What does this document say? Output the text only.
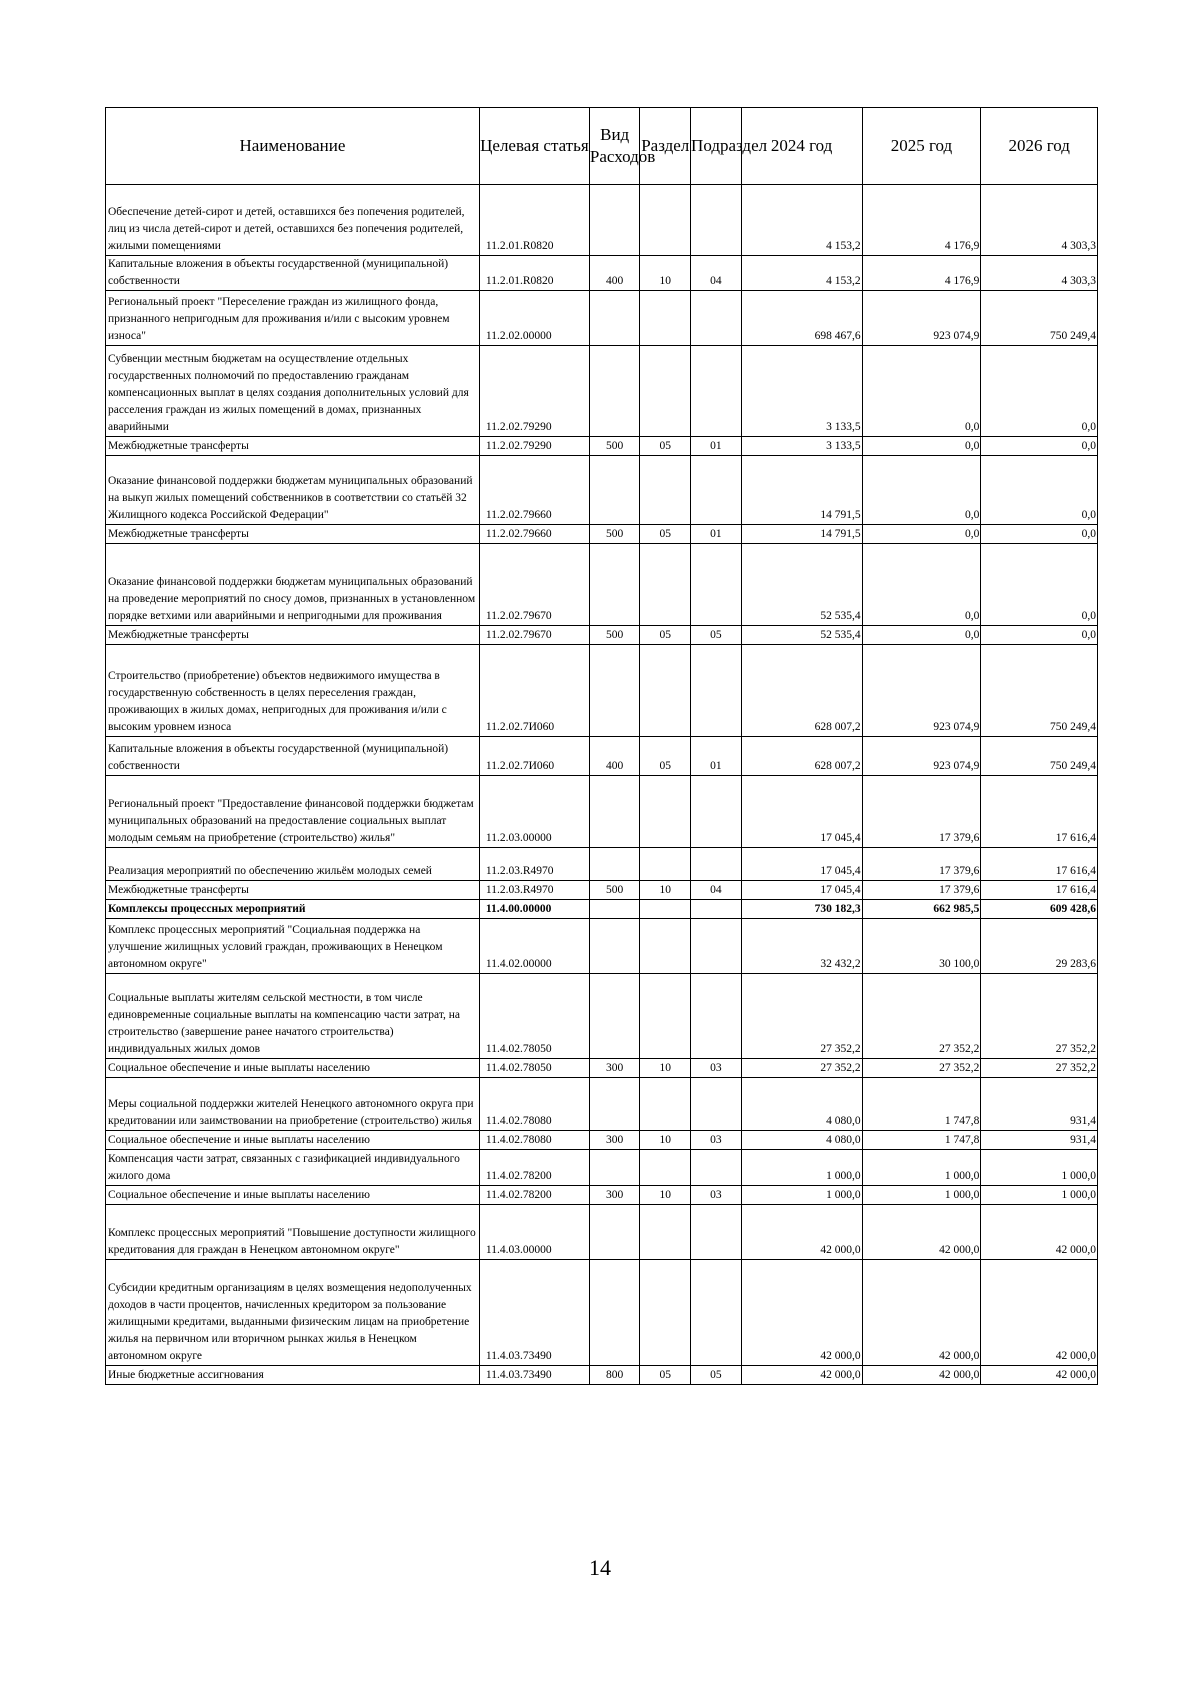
Наименование	Целевая статья	Вид Расходов	Раздел	Подраздел	2024 год	2025 год	2026 год
Обеспечение детей-сирот и детей, оставшихся без попечения родителей, лиц из числа детей-сирот и детей, оставшихся без попечения родителей, жилыми помещениями	11.2.01.R0820				4 153,2	4 176,9	4 303,3
Капитальные вложения в объекты государственной (муниципальной) собственности	11.2.01.R0820	400	10	04	4 153,2	4 176,9	4 303,3
Региональный проект "Переселение граждан из жилищного фонда, признанного непригодным для проживания и/или с высоким уровнем износа"	11.2.02.00000				698 467,6	923 074,9	750 249,4
Субвенции местным бюджетам на осуществление отдельных государственных полномочий по предоставлению гражданам компенсационных выплат в целях создания дополнительных условий для расселения граждан из жилых помещений в домах, признанных аварийными	11.2.02.79290				3 133,5	0,0	0,0
Межбюджетные трансферты	11.2.02.79290	500	05	01	3 133,5	0,0	0,0
Оказание финансовой поддержки бюджетам муниципальных образований на выкуп жилых помещений собственников в соответствии со статьёй 32 Жилищного кодекса Российской Федерации"	11.2.02.79660				14 791,5	0,0	0,0
Межбюджетные трансферты	11.2.02.79660	500	05	01	14 791,5	0,0	0,0
Оказание финансовой поддержки бюджетам муниципальных образований на проведение мероприятий по сносу домов, признанных в установленном порядке ветхими или аварийными и непригодными для проживания	11.2.02.79670				52 535,4	0,0	0,0
Межбюджетные трансферты	11.2.02.79670	500	05	05	52 535,4	0,0	0,0
Строительство (приобретение) объектов недвижимого имущества в государственную собственность в целях переселения граждан, проживающих в жилых домах, непригодных для проживания и/или с высоким уровнем износа	11.2.02.7И060				628 007,2	923 074,9	750 249,4
Капитальные вложения в объекты государственной (муниципальной) собственности	11.2.02.7И060	400	05	01	628 007,2	923 074,9	750 249,4
Региональный проект "Предоставление финансовой поддержки бюджетам муниципальных образований на предоставление социальных выплат молодым семьям на приобретение (строительство) жилья"	11.2.03.00000				17 045,4	17 379,6	17 616,4
Реализация мероприятий по обеспечению жильём молодых семей	11.2.03.R4970				17 045,4	17 379,6	17 616,4
Межбюджетные трансферты	11.2.03.R4970	500	10	04	17 045,4	17 379,6	17 616,4
Комплексы процессных мероприятий	11.4.00.00000				730 182,3	662 985,5	609 428,6
Комплекс процессных мероприятий "Социальная поддержка на улучшение жилищных условий граждан, проживающих в Ненецком автономном округе"	11.4.02.00000				32 432,2	30 100,0	29 283,6
Социальные выплаты жителям сельской местности, в том числе единовременные социальные выплаты на компенсацию части затрат, на строительство (завершение ранее начатого строительства) индивидуальных жилых домов	11.4.02.78050				27 352,2	27 352,2	27 352,2
Социальное обеспечение и иные выплаты населению	11.4.02.78050	300	10	03	27 352,2	27 352,2	27 352,2
Меры социальной поддержки жителей Ненецкого автономного округа при кредитовании или заимствовании на приобретение (строительство) жилья	11.4.02.78080				4 080,0	1 747,8	931,4
Социальное обеспечение и иные выплаты населению	11.4.02.78080	300	10	03	4 080,0	1 747,8	931,4
Компенсация части затрат, связанных с газификацией индивидуального жилого дома	11.4.02.78200				1 000,0	1 000,0	1 000,0
Социальное обеспечение и иные выплаты населению	11.4.02.78200	300	10	03	1 000,0	1 000,0	1 000,0
Комплекс процессных мероприятий "Повышение доступности жилищного кредитования для граждан в Ненецком автономном округе"	11.4.03.00000				42 000,0	42 000,0	42 000,0
Субсидии кредитным организациям в целях возмещения недополученных доходов в части процентов, начисленных кредитором за пользование жилищными кредитами, выданными физическим лицам на приобретение жилья на первичном или вторичном рынках жилья в Ненецком автономном округе	11.4.03.73490				42 000,0	42 000,0	42 000,0
Иные бюджетные ассигнования	11.4.03.73490	800	05	05	42 000,0	42 000,0	42 000,0
14
